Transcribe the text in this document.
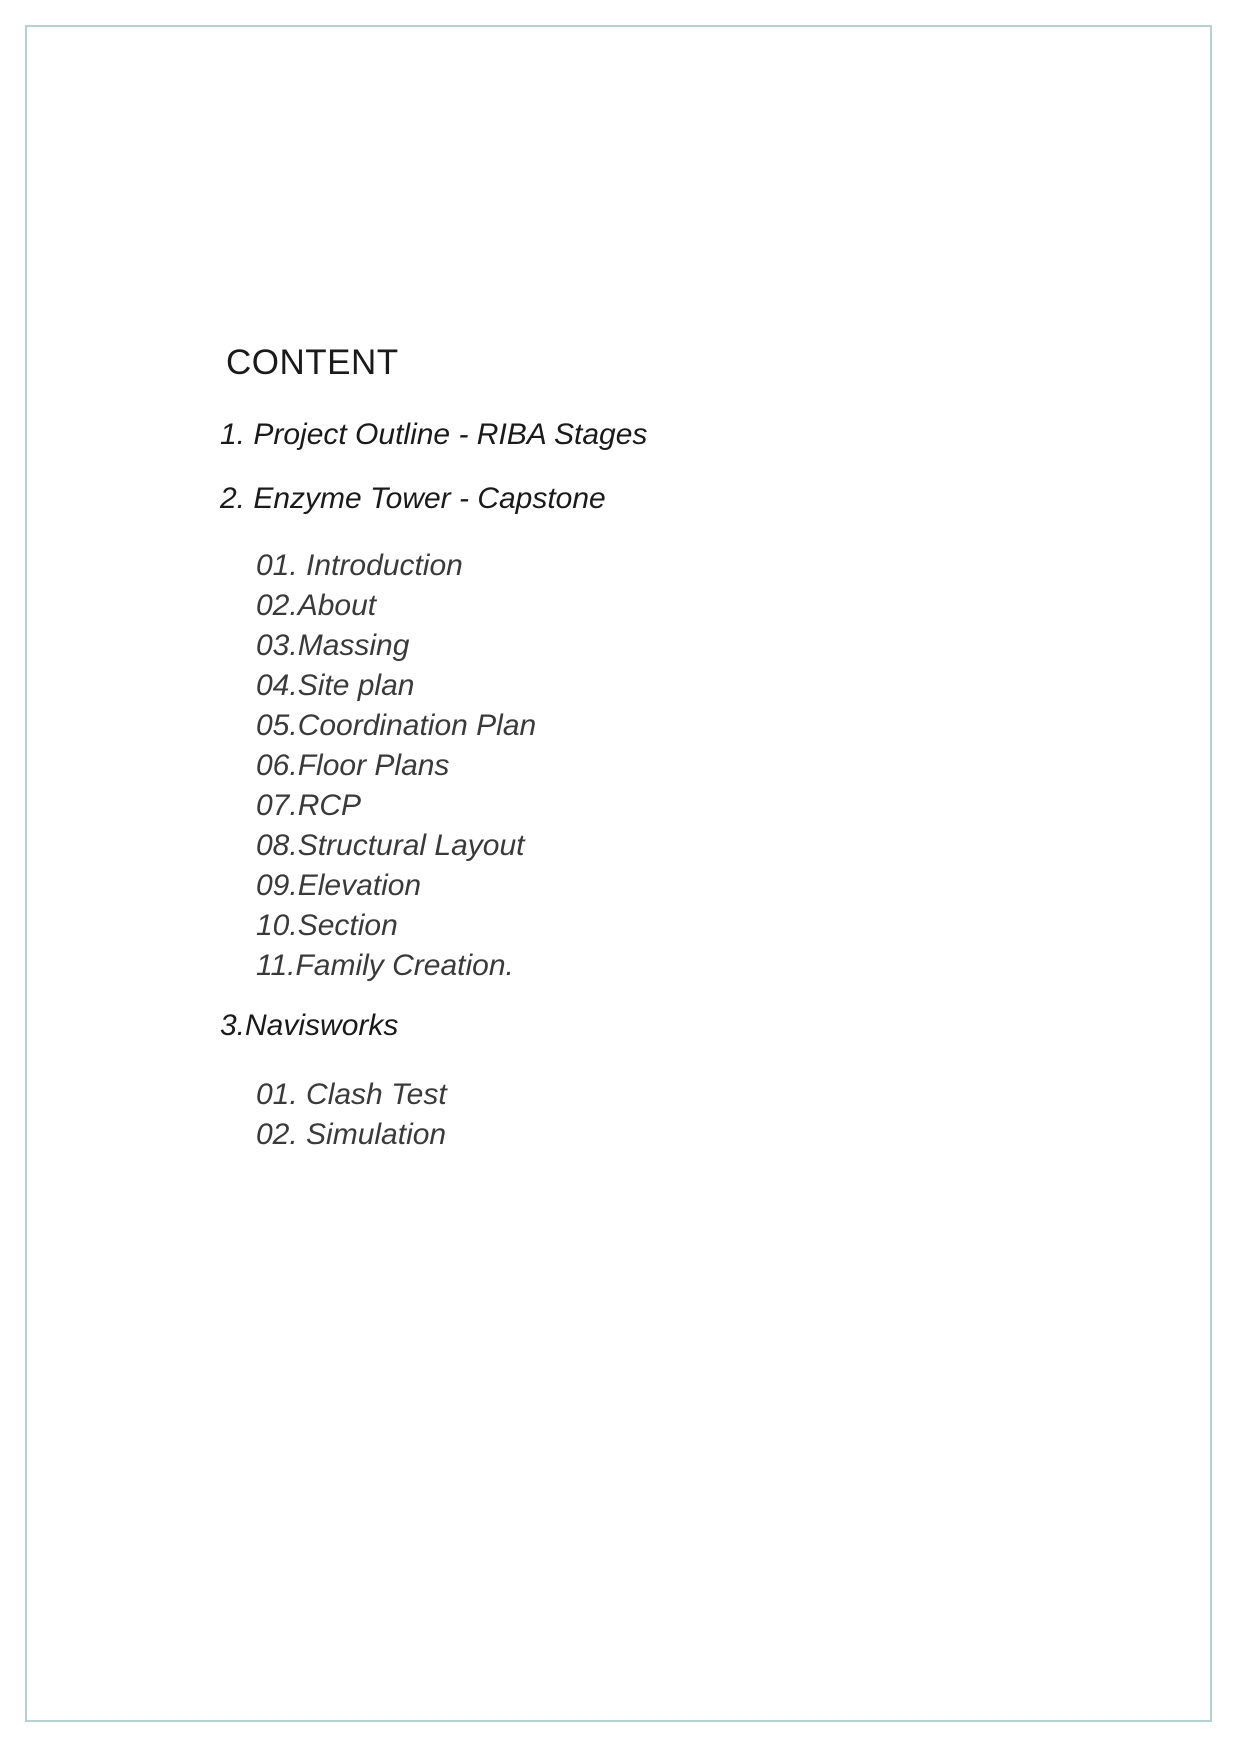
CONTENT
1. Project Outline - RIBA Stages
2. Enzyme Tower - Capstone
01. Introduction
02.About
03.Massing
04.Site plan
05.Coordination Plan
06.Floor Plans
07.RCP
08.Structural Layout
09.Elevation
10.Section
11.Family Creation.
3.Navisworks
01. Clash Test
02. Simulation
